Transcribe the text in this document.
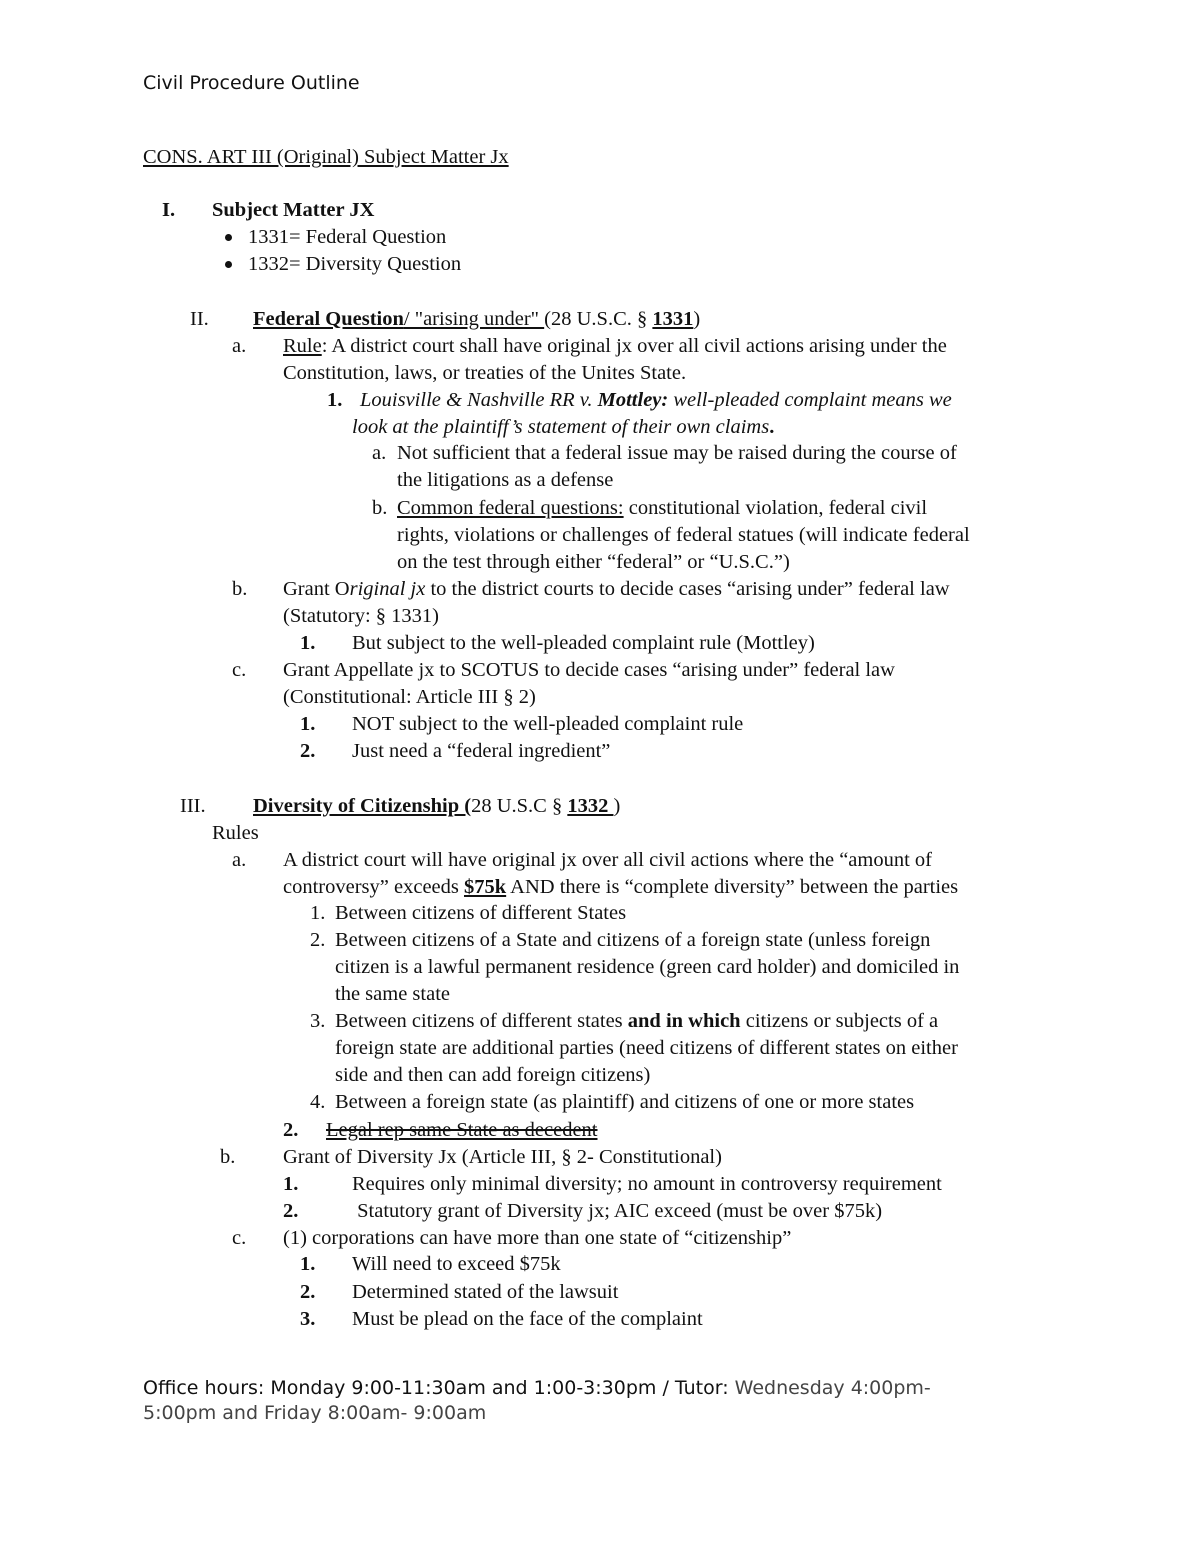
Civil Procedure Outline
CONS. ART III (Original) Subject Matter Jx
I. Subject Matter JX
1331= Federal Question
1332= Diversity Question
II. Federal Question/ "arising under" (28 U.S.C. § 1331)
a. Rule: A district court shall have original jx over all civil actions arising under the
Constitution, laws, or treaties of the Unites State.
1. Louisville & Nashville RR v. Mottley: well-pleaded complaint means we
look at the plaintiff’s statement of their own claims.
a. Not sufficient that a federal issue may be raised during the course of
the litigations as a defense
b. Common federal questions: constitutional violation, federal civil
rights, violations or challenges of federal statues (will indicate federal
on the test through either “federal” or “U.S.C.”)
b. Grant Original jx to the district courts to decide cases “arising under” federal law
(Statutory: § 1331)
1. But subject to the well-pleaded complaint rule (Mottley)
c. Grant Appellate jx to SCOTUS to decide cases “arising under” federal law
(Constitutional: Article III § 2)
1. NOT subject to the well-pleaded complaint rule
2. Just need a “federal ingredient”
III. Diversity of Citizenship (28 U.S.C § 1332 )
Rules
a. A district court will have original jx over all civil actions where the “amount of
controversy” exceeds $75k AND there is “complete diversity” between the parties
1. Between citizens of different States
2. Between citizens of a State and citizens of a foreign state (unless foreign
citizen is a lawful permanent residence (green card holder) and domiciled in
the same state
3. Between citizens of different states and in which citizens or subjects of a
foreign state are additional parties (need citizens of different states on either
side and then can add foreign citizens)
4. Between a foreign state (as plaintiff) and citizens of one or more states
2. Legal rep same State as decedent
b. Grant of Diversity Jx (Article III, § 2- Constitutional)
1.	Requires only minimal diversity; no amount in controversy requirement
2.	Statutory grant of Diversity jx; AIC exceed (must be over $75k)
c. (1) corporations can have more than one state of “citizenship”
1. Will need to exceed $75k
2. Determined stated of the lawsuit
3. Must be plead on the face of the complaint
Office hours: Monday 9:00-11:30am and 1:00-3:30pm / Tutor: Wednesday 4:00pm-
5:00pm and Friday 8:00am- 9:00am
